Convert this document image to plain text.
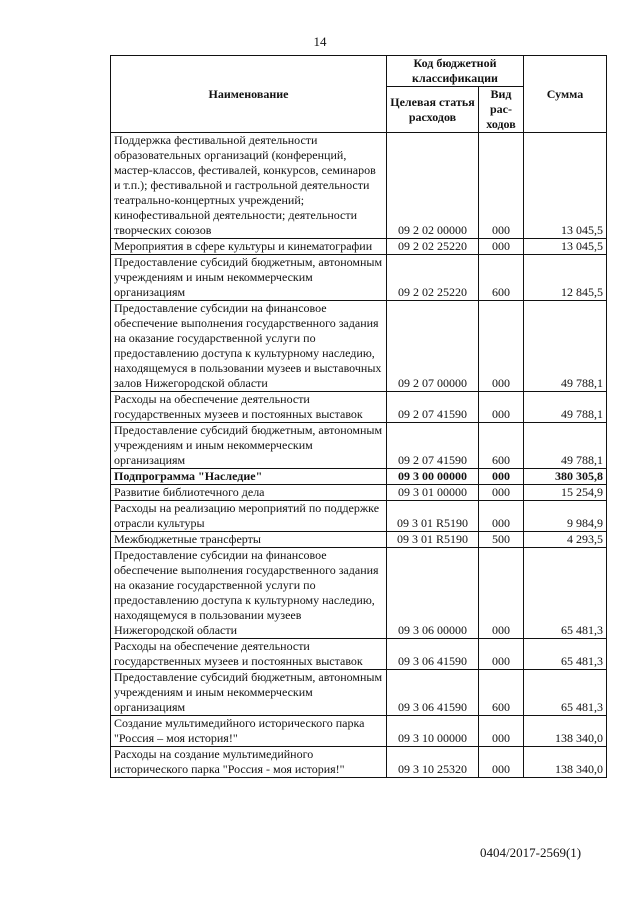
14
Наименование	Код бюджетной классификации		Сумма
	Целевая статья расходов	Вид рас-ходов	
Поддержка фестивальной деятельности образовательных организаций (конференций, мастер-классов, фестивалей, конкурсов, семинаров и т.п.); фестивальной и гастрольной деятельности театрально-концертных учреждений; кинофестивальной деятельности; деятельности творческих союзов	09 2 02 00000	000	13 045,5
Мероприятия в сфере культуры и кинематографии	09 2 02 25220	000	13 045,5
Предоставление субсидий бюджетным, автономным учреждениям и иным некоммерческим организациям	09 2 02 25220	600	12 845,5
Предоставление субсидии на финансовое обеспечение выполнения государственного задания на оказание государственной услуги по предоставлению доступа к культурному наследию, находящемуся в пользовании музеев и выставочных залов Нижегородской области	09 2 07 00000	000	49 788,1
Расходы на обеспечение деятельности государственных музеев и постоянных выставок	09 2 07 41590	000	49 788,1
Предоставление субсидий бюджетным, автономным учреждениям и иным некоммерческим организациям	09 2 07 41590	600	49 788,1
Подпрограмма "Наследие"	09 3 00 00000	000	380 305,8
Развитие библиотечного дела	09 3 01 00000	000	15 254,9
Расходы на реализацию мероприятий по поддержке отрасли культуры	09 3 01 R5190	000	9 984,9
Межбюджетные трансферты	09 3 01 R5190	500	4 293,5
Предоставление субсидии на финансовое обеспечение выполнения государственного задания на оказание государственной услуги по предоставлению доступа к культурному наследию, находящемуся в пользовании музеев Нижегородской области	09 3 06 00000	000	65 481,3
Расходы на обеспечение деятельности государственных музеев и постоянных выставок	09 3 06 41590	000	65 481,3
Предоставление субсидий бюджетным, автономным учреждениям и иным некоммерческим организациям	09 3 06 41590	600	65 481,3
Создание мультимедийного исторического парка "Россия – моя история!"	09 3 10 00000	000	138 340,0
Расходы на создание мультимедийного исторического парка "Россия - моя история!"	09 3 10 25320	000	138 340,0
0404/2017-2569(1)
